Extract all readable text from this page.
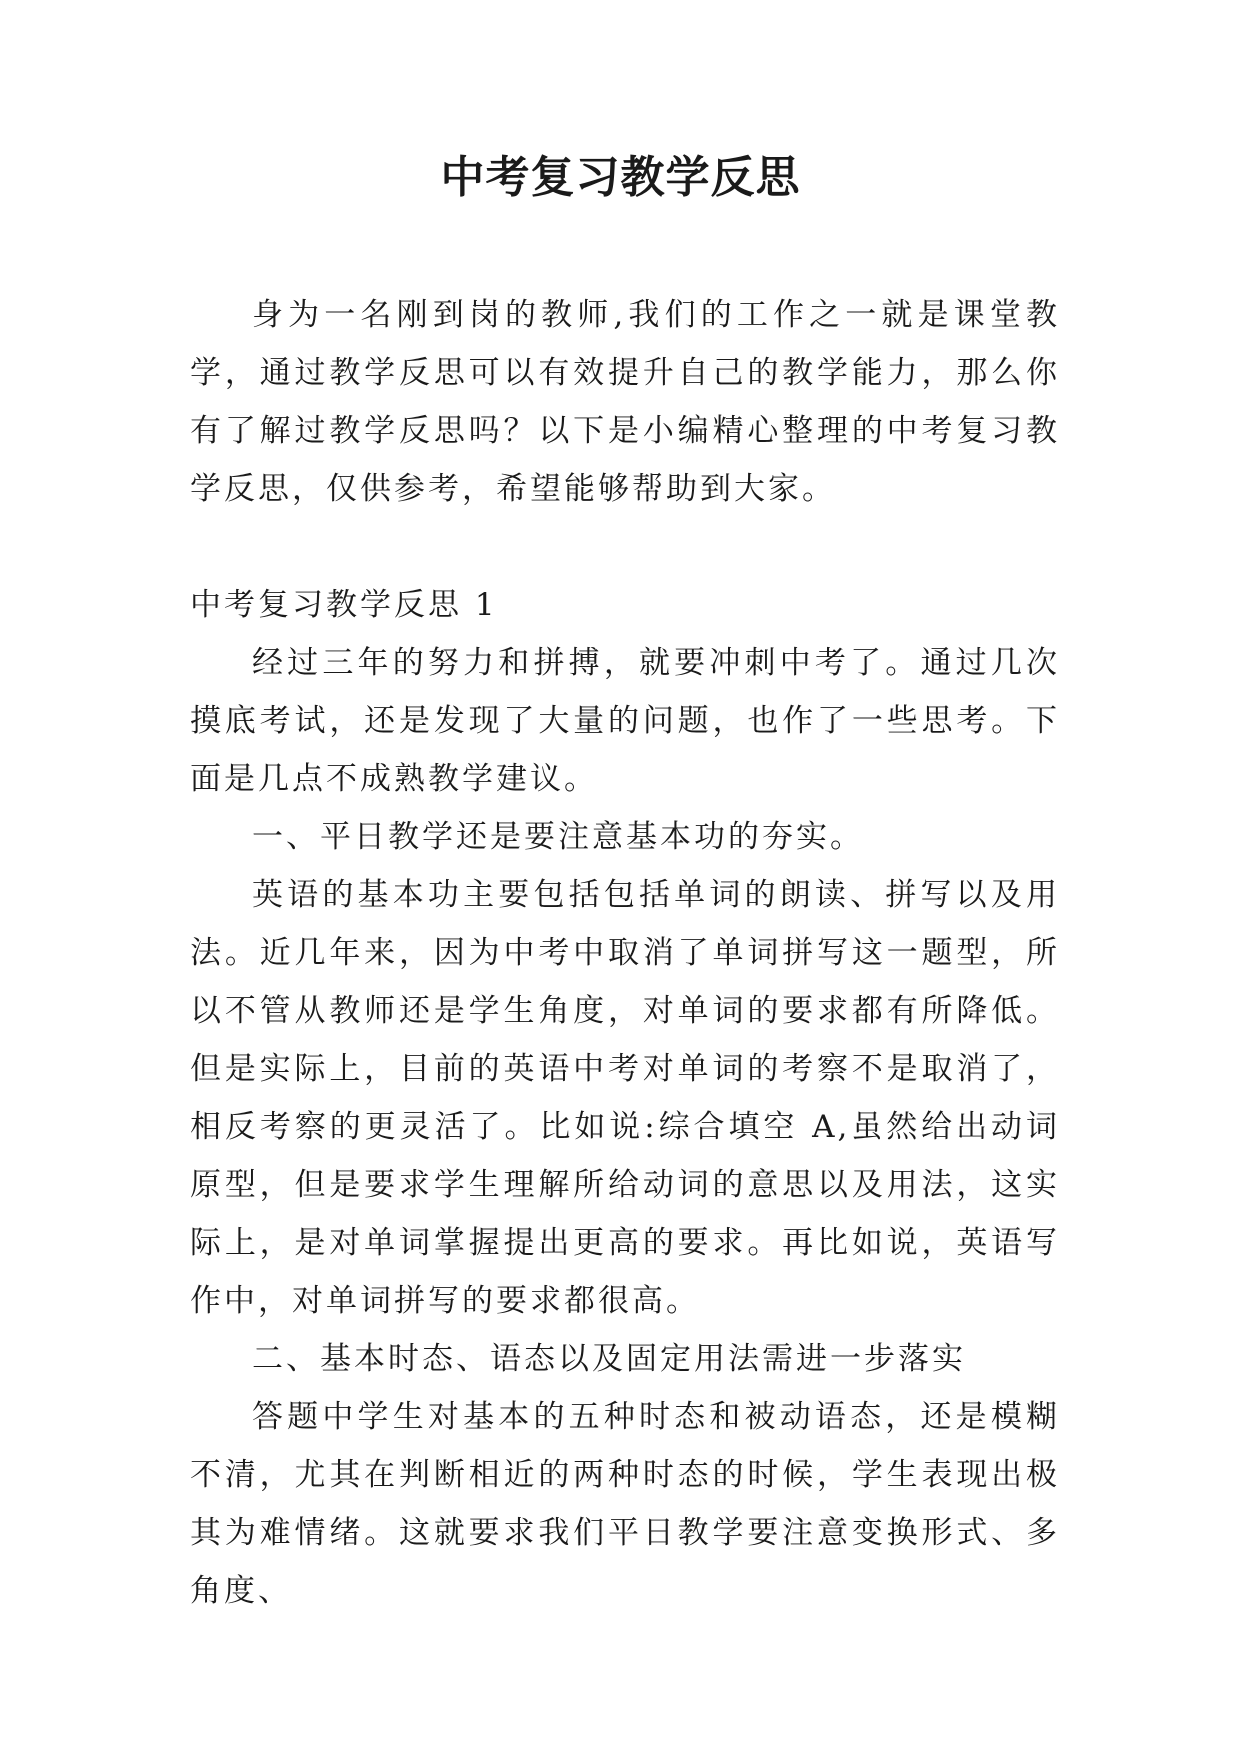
中考复习教学反思

身为一名刚到岗的教师,我们的工作之一就是课堂教学，通过教学反思可以有效提升自己的教学能力，那么你有了解过教学反思吗？以下是小编精心整理的中考复习教学反思，仅供参考，希望能够帮助到大家。

中考复习教学反思 1

经过三年的努力和拼搏，就要冲刺中考了。通过几次摸底考试，还是发现了大量的问题，也作了一些思考。下面是几点不成熟教学建议。

一、平日教学还是要注意基本功的夯实。

英语的基本功主要包括包括单词的朗读、拼写以及用法。近几年来，因为中考中取消了单词拼写这一题型，所以不管从教师还是学生角度，对单词的要求都有所降低。但是实际上，目前的英语中考对单词的考察不是取消了，相反考察的更灵活了。比如说:综合填空 A,虽然给出动词原型，但是要求学生理解所给动词的意思以及用法，这实际上，是对单词掌握提出更高的要求。再比如说，英语写作中，对单词拼写的要求都很高。

二、基本时态、语态以及固定用法需进一步落实

答题中学生对基本的五种时态和被动语态，还是模糊不清，尤其在判断相近的两种时态的时候，学生表现出极其为难情绪。这就要求我们平日教学要注意变换形式、多角度、
